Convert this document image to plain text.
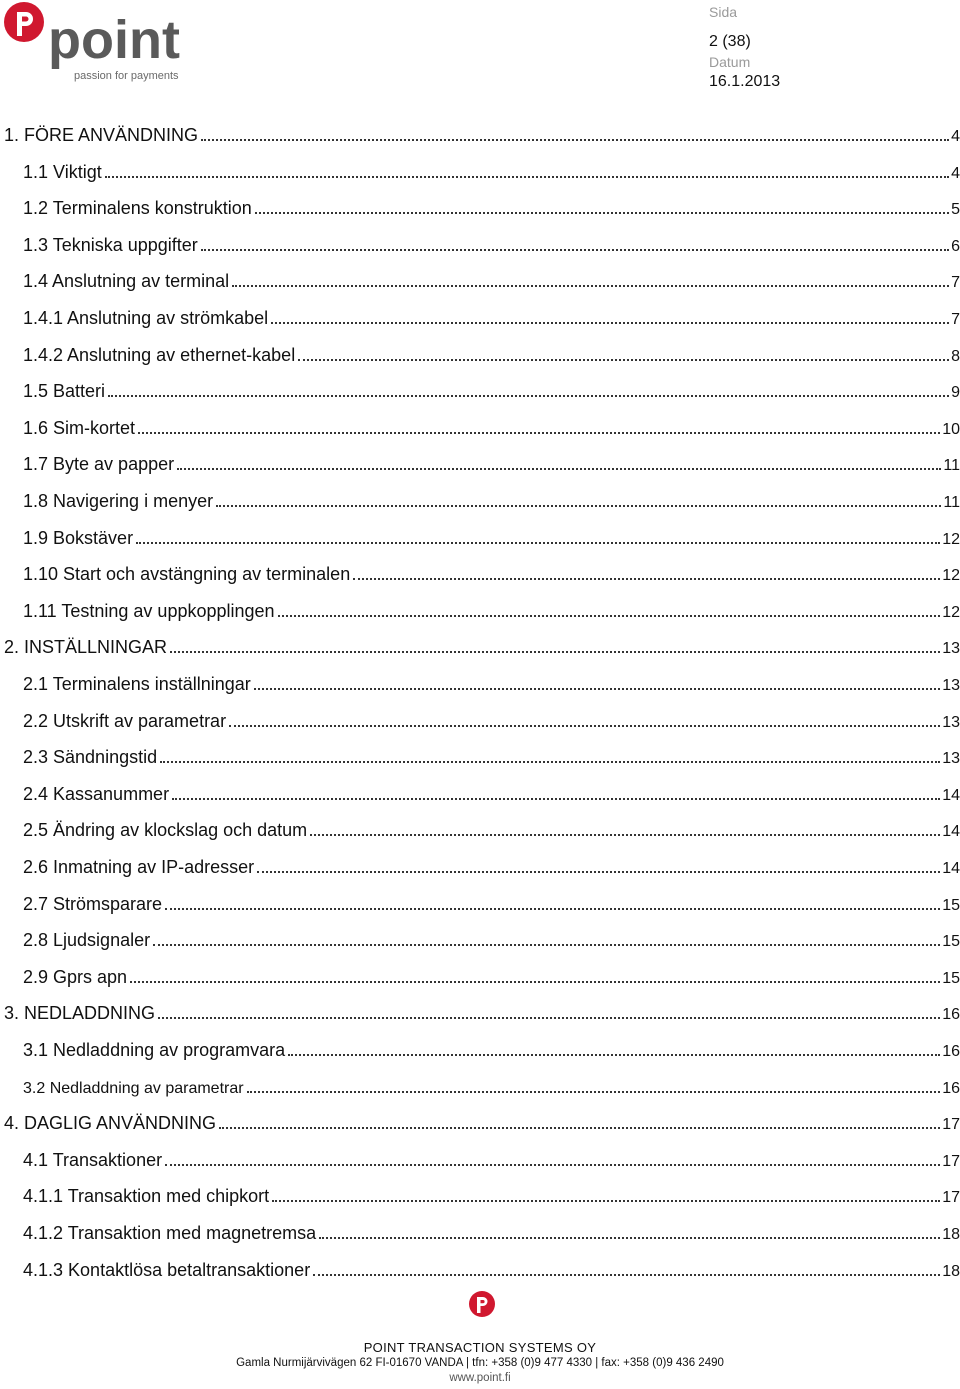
point
passion for payments
Sida
2 (38)
Datum
16.1.2013
1. FÖRE ANVÄNDNING	4
1.1 Viktigt	4
1.2 Terminalens konstruktion	5
1.3 Tekniska uppgifter	6
1.4 Anslutning av terminal	7
1.4.1 Anslutning av strömkabel	7
1.4.2 Anslutning av ethernet-kabel	8
1.5 Batteri	9
1.6 Sim-kortet	10
1.7 Byte av papper	11
1.8 Navigering i menyer	11
1.9 Bokstäver	12
1.10 Start och avstängning av terminalen	12
1.11 Testning av uppkopplingen	12
2. INSTÄLLNINGAR	13
2.1 Terminalens inställningar	13
2.2 Utskrift av parametrar	13
2.3 Sändningstid	13
2.4 Kassanummer	14
2.5 Ändring av klockslag och datum	14
2.6 Inmatning av IP-adresser	14
2.7 Strömsparare	15
2.8 Ljudsignaler	15
2.9 Gprs apn	15
3. NEDLADDNING	16
3.1 Nedladdning av programvara	16
3.2 Nedladdning av parametrar	16
4. DAGLIG ANVÄNDNING	17
4.1 Transaktioner	17
4.1.1 Transaktion med chipkort	17
4.1.2 Transaktion med magnetremsa	18
4.1.3 Kontaktlösa betaltransaktioner	18
POINT TRANSACTION SYSTEMS OY
Gamla Nurmijärvivägen 62 FI-01670 VANDA | tfn: +358 (0)9 477 4330 | fax: +358 (0)9 436 2490
www.point.fi
